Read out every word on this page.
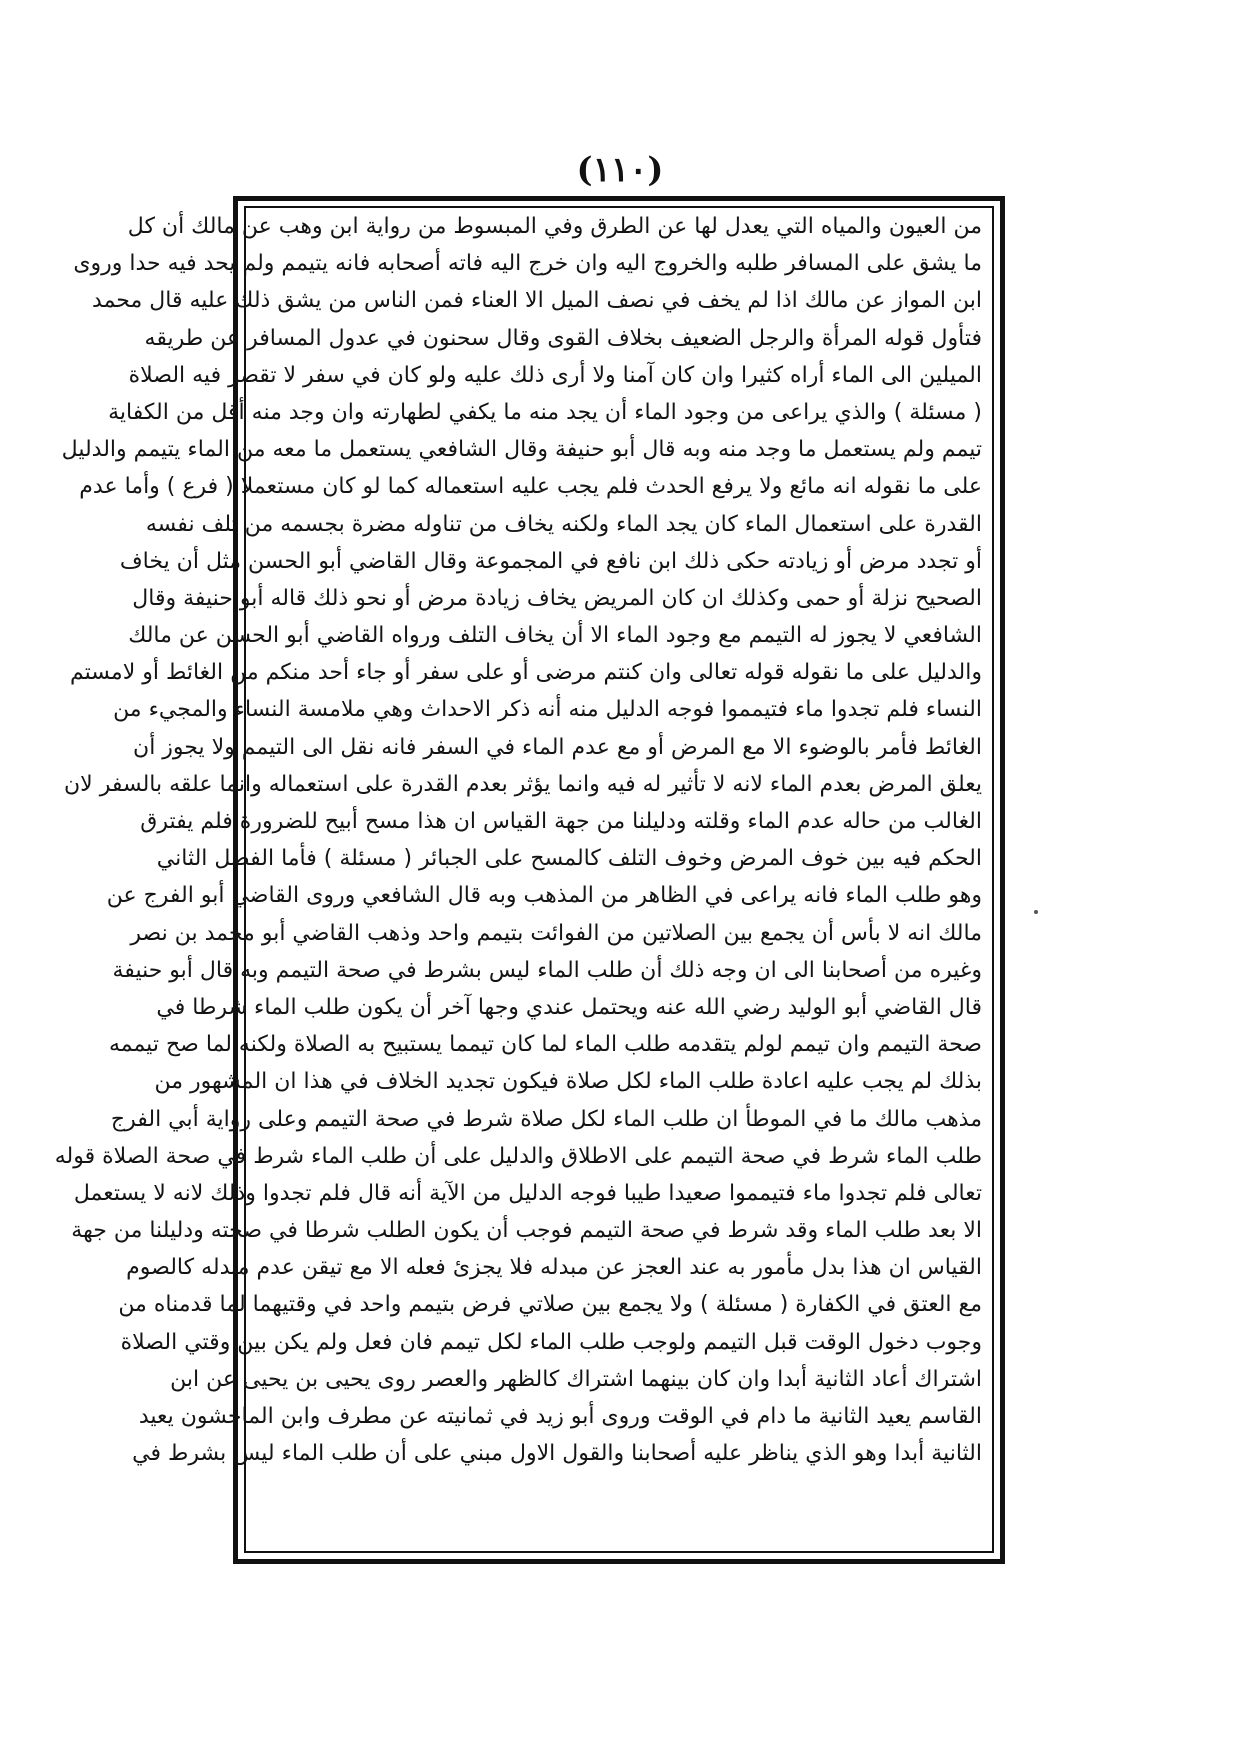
(١١٠)
من العيون والمياه التي يعدل لها عن الطرق وفي المبسوط من رواية ابن وهب عن مالك أن كل
ما يشق على المسافر طلبه والخروج اليه وان خرج اليه فاته أصحابه فانه يتيمم ولم يحد فيه حدا وروى
ابن المواز عن مالك اذا لم يخف في نصف الميل الا العناء فمن الناس من يشق ذلك عليه قال محمد
فتأول قوله المرأة والرجل الضعيف بخلاف القوى وقال سحنون في عدول المسافر عن طريقه
الميلين الى الماء أراه كثيرا وان كان آمنا ولا أرى ذلك عليه ولو كان في سفر لا تقصر فيه الصلاة
( مسئلة ) والذي يراعى من وجود الماء أن يجد منه ما يكفي لطهارته وان وجد منه أقل من الكفاية
تيمم ولم يستعمل ما وجد منه وبه قال أبو حنيفة وقال الشافعي يستعمل ما معه من الماء يتيمم والدليل
على ما نقوله انه مائع ولا يرفع الحدث فلم يجب عليه استعماله كما لو كان مستعملا ( فرع ) وأما عدم
القدرة على استعمال الماء كان يجد الماء ولكنه يخاف من تناوله مضرة بجسمه من تلف نفسه
أو تجدد مرض أو زيادته حكى ذلك ابن نافع في المجموعة وقال القاضي أبو الحسن مثل أن يخاف
الصحيح نزلة أو حمى وكذلك ان كان المريض يخاف زيادة مرض أو نحو ذلك قاله أبو حنيفة وقال
الشافعي لا يجوز له التيمم مع وجود الماء الا أن يخاف التلف ورواه القاضي أبو الحسن عن مالك
والدليل على ما نقوله قوله تعالى وان كنتم مرضى أو على سفر أو جاء أحد منكم من الغائط أو لامستم
النساء فلم تجدوا ماء فتيمموا فوجه الدليل منه أنه ذكر الاحداث وهي ملامسة النساء والمجيء من
الغائط فأمر بالوضوء الا مع المرض أو مع عدم الماء في السفر فانه نقل الى التيمم ولا يجوز أن
يعلق المرض بعدم الماء لانه لا تأثير له فيه وانما يؤثر بعدم القدرة على استعماله وانما علقه بالسفر لان
الغالب من حاله عدم الماء وقلته ودليلنا من جهة القياس ان هذا مسح أبيح للضرورة فلم يفترق
الحكم فيه بين خوف المرض وخوف التلف كالمسح على الجبائر ( مسئلة ) فأما الفصل الثاني
وهو طلب الماء فانه يراعى في الظاهر من المذهب وبه قال الشافعي وروى القاضي أبو الفرج عن
مالك انه لا بأس أن يجمع بين الصلاتين من الفوائت بتيمم واحد وذهب القاضي أبو محمد بن نصر
وغيره من أصحابنا الى ان وجه ذلك أن طلب الماء ليس بشرط في صحة التيمم وبه قال أبو حنيفة
قال القاضي أبو الوليد رضي الله عنه ويحتمل عندي وجها آخر أن يكون طلب الماء شرطا في
صحة التيمم وان تيمم لولم يتقدمه طلب الماء لما كان تيمما يستبيح به الصلاة ولكنه لما صح تيممه
بذلك لم يجب عليه اعادة طلب الماء لكل صلاة فيكون تجديد الخلاف في هذا ان المشهور من
مذهب مالك ما في الموطأ ان طلب الماء لكل صلاة شرط في صحة التيمم وعلى رواية أبي الفرج
طلب الماء شرط في صحة التيمم على الاطلاق والدليل على أن طلب الماء شرط في صحة الصلاة قوله
تعالى فلم تجدوا ماء فتيمموا صعيدا طيبا فوجه الدليل من الآية أنه قال فلم تجدوا وذلك لانه لا يستعمل
الا بعد طلب الماء وقد شرط في صحة التيمم فوجب أن يكون الطلب شرطا في صحته ودليلنا من جهة
القياس ان هذا بدل مأمور به عند العجز عن مبدله فلا يجزئ فعله الا مع تيقن عدم مبدله كالصوم
مع العتق في الكفارة ( مسئلة ) ولا يجمع بين صلاتي فرض بتيمم واحد في وقتيهما لما قدمناه من
وجوب دخول الوقت قبل التيمم ولوجب طلب الماء لكل تيمم فان فعل ولم يكن بين وقتي الصلاة
اشتراك أعاد الثانية أبدا وان كان بينهما اشتراك كالظهر والعصر روى يحيى بن يحيى عن ابن
القاسم يعيد الثانية ما دام في الوقت وروى أبو زيد في ثمانيته عن مطرف وابن الماجشون يعيد
الثانية أبدا وهو الذي يناظر عليه أصحابنا والقول الاول مبني على أن طلب الماء ليس بشرط في
